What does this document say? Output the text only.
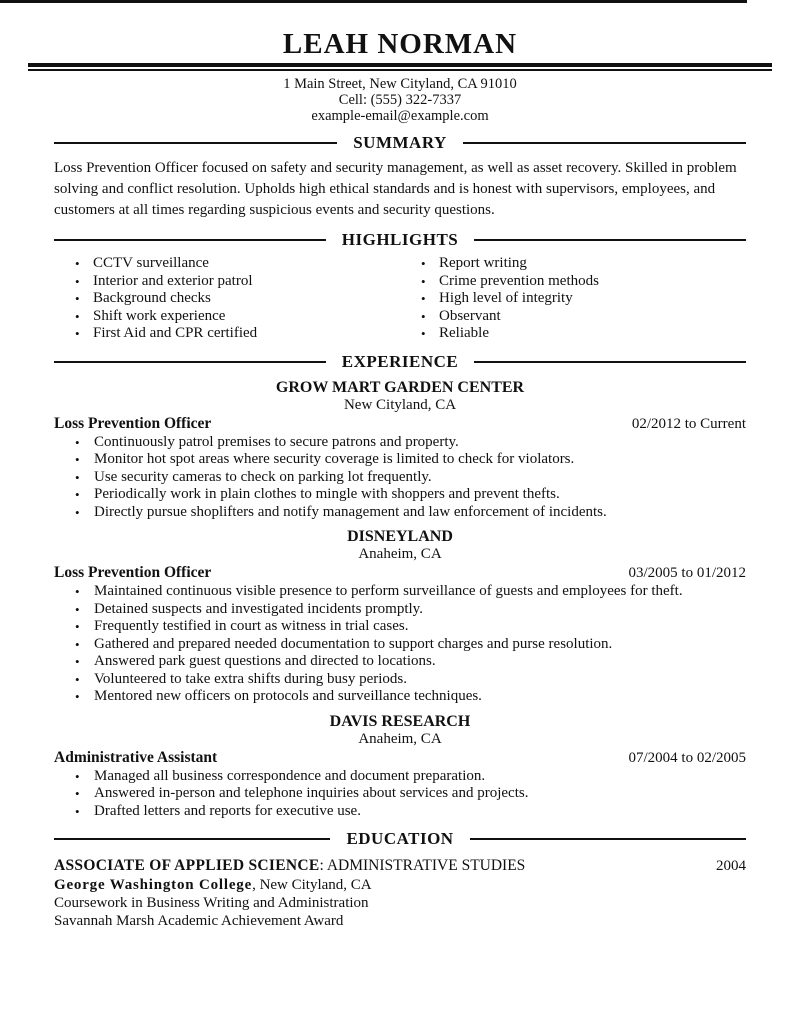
LEAH NORMAN
1 Main Street, New Cityland, CA 91010
Cell: (555) 322-7337
example-email@example.com
SUMMARY
Loss Prevention Officer focused on safety and security management, as well as asset recovery. Skilled in problem solving and conflict resolution. Upholds high ethical standards and is honest with supervisors, employees, and customers at all times regarding suspicious events and security questions.
HIGHLIGHTS
• CCTV surveillance
• Interior and exterior patrol
• Background checks
• Shift work experience
• First Aid and CPR certified
• Report writing
• Crime prevention methods
• High level of integrity
• Observant
• Reliable
EXPERIENCE
GROW MART GARDEN CENTER
New Cityland, CA
Loss Prevention Officer	02/2012 to Current
• Continuously patrol premises to secure patrons and property.
• Monitor hot spot areas where security coverage is limited to check for violators.
• Use security cameras to check on parking lot frequently.
• Periodically work in plain clothes to mingle with shoppers and prevent thefts.
• Directly pursue shoplifters and notify management and law enforcement of incidents.
DISNEYLAND
Anaheim, CA
Loss Prevention Officer	03/2005 to 01/2012
• Maintained continuous visible presence to perform surveillance of guests and employees for theft.
• Detained suspects and investigated incidents promptly.
• Frequently testified in court as witness in trial cases.
• Gathered and prepared needed documentation to support charges and purse resolution.
• Answered park guest questions and directed to locations.
• Volunteered to take extra shifts during busy periods.
• Mentored new officers on protocols and surveillance techniques.
DAVIS RESEARCH
Anaheim, CA
Administrative Assistant	07/2004 to 02/2005
• Managed all business correspondence and document preparation.
• Answered in-person and telephone inquiries about services and projects.
• Drafted letters and reports for executive use.
EDUCATION
ASSOCIATE OF APPLIED SCIENCE: ADMINISTRATIVE STUDIES	2004
George Washington College, New Cityland, CA
Coursework in Business Writing and Administration
Savannah Marsh Academic Achievement Award
